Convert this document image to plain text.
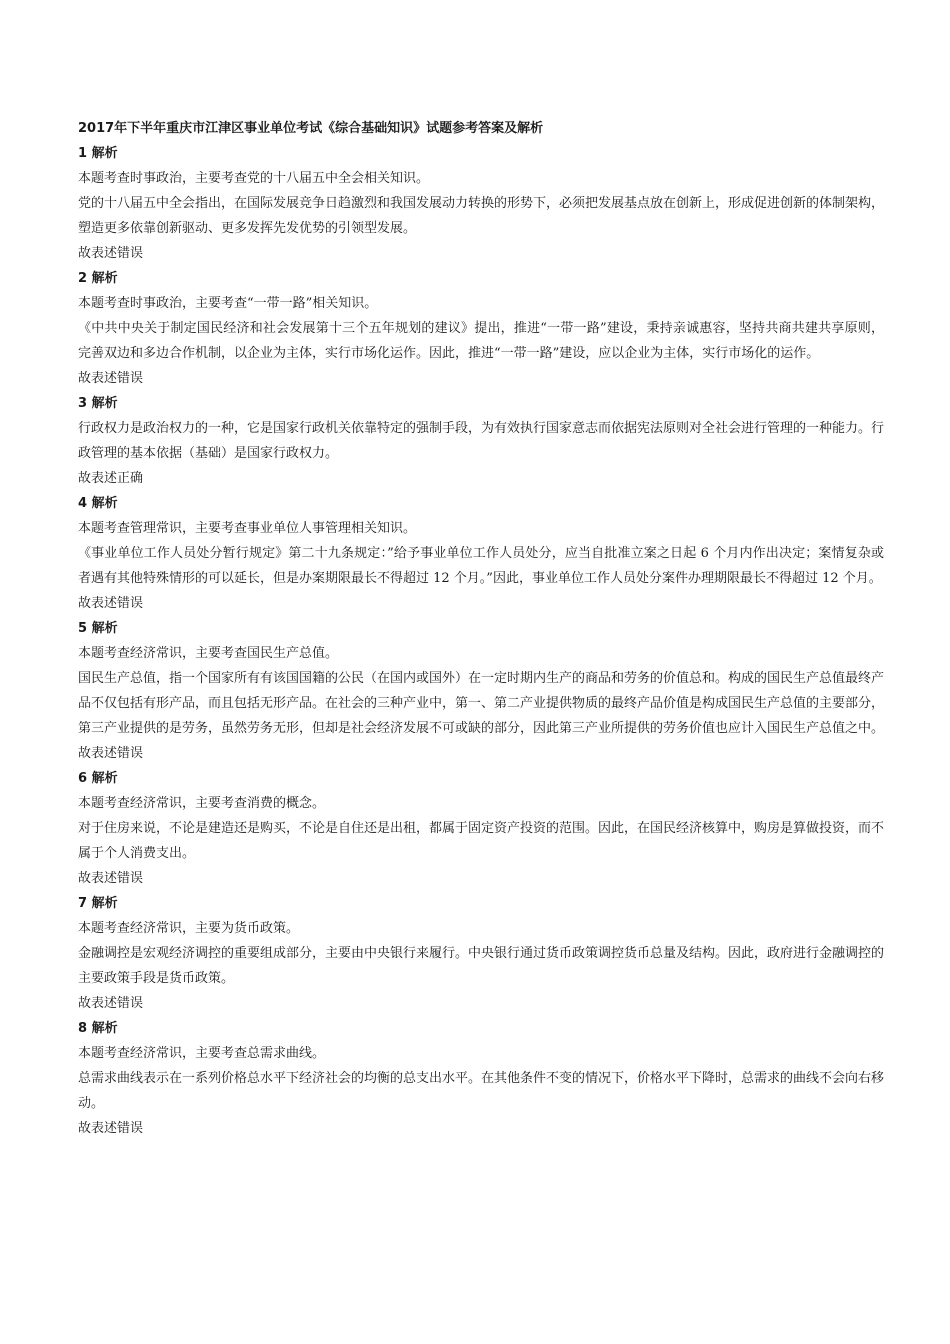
2017年下半年重庆市江津区事业单位考试《综合基础知识》试题参考答案及解析

1 解析

本题考查时事政治，主要考查党的十八届五中全会相关知识。

党的十八届五中全会指出，在国际发展竞争日趋激烈和我国发展动力转换的形势下，必须把发展基点放在创新上，形成促进创新的体制架构，塑造更多依靠创新驱动、更多发挥先发优势的引领型发展。

故表述错误

2 解析

本题考查时事政治，主要考查“一带一路”相关知识。

《中共中央关于制定国民经济和社会发展第十三个五年规划的建议》提出，推进“一带一路”建设，秉持亲诚惠容，坚持共商共建共享原则，完善双边和多边合作机制，以企业为主体，实行市场化运作。因此，推进“一带一路”建设，应以企业为主体，实行市场化的运作。

故表述错误

3 解析

行政权力是政治权力的一种，它是国家行政机关依靠特定的强制手段，为有效执行国家意志而依据宪法原则对全社会进行管理的一种能力。行政管理的基本依据（基础）是国家行政权力。

故表述正确

4 解析

本题考查管理常识，主要考查事业单位人事管理相关知识。

《事业单位工作人员处分暂行规定》第二十九条规定：”给予事业单位工作人员处分，应当自批准立案之日起 6 个月内作出决定；案情复杂或者遇有其他特殊情形的可以延长，但是办案期限最长不得超过 12 个月。”因此，事业单位工作人员处分案件办理期限最长不得超过 12 个月。

故表述错误

5 解析

本题考查经济常识，主要考查国民生产总值。

国民生产总值，指一个国家所有有该国国籍的公民（在国内或国外）在一定时期内生产的商品和劳务的价值总和。构成的国民生产总值最终产品不仅包括有形产品，而且包括无形产品。在社会的三种产业中，第一、第二产业提供物质的最终产品价值是构成国民生产总值的主要部分，第三产业提供的是劳务，虽然劳务无形，但却是社会经济发展不可或缺的部分，因此第三产业所提供的劳务价值也应计入国民生产总值之中。

故表述错误

6 解析

本题考查经济常识，主要考查消费的概念。

对于住房来说，不论是建造还是购买，不论是自住还是出租，都属于固定资产投资的范围。因此，在国民经济核算中，购房是算做投资，而不属于个人消费支出。

故表述错误

7 解析

本题考查经济常识，主要为货币政策。

金融调控是宏观经济调控的重要组成部分，主要由中央银行来履行。中央银行通过货币政策调控货币总量及结构。因此，政府进行金融调控的主要政策手段是货币政策。

故表述错误

8 解析

本题考查经济常识，主要考查总需求曲线。

总需求曲线表示在一系列价格总水平下经济社会的均衡的总支出水平。在其他条件不变的情况下，价格水平下降时，总需求的曲线不会向右移动。

故表述错误
